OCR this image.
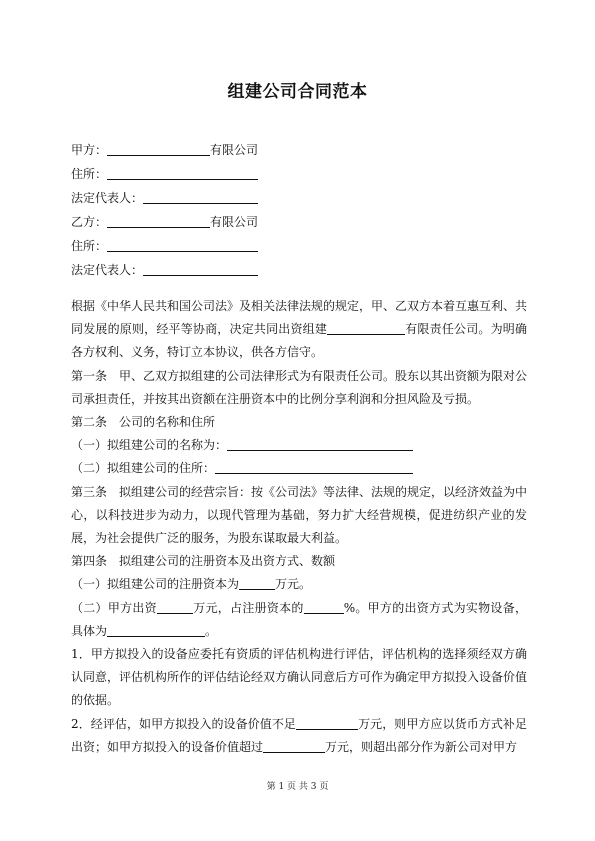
组建公司合同范本
甲方：	有限公司
住所：
法定代表人：
乙方：	有限公司
住所：
法定代表人：

根据《中华人民共和国公司法》及相关法律法规的规定，甲、乙双方本着互惠互利、共同发展的原则，经平等协商，决定共同出资组建	有限责任公司。为明确各方权利、义务，特订立本协议，供各方信守。

第一条　甲、乙双方拟组建的公司法律形式为有限责任公司。股东以其出资额为限对公司承担责任，并按其出资额在注册资本中的比例分享利润和分担风险及亏损。

第二条　公司的名称和住所

（一）拟组建公司的名称为：

（二）拟组建公司的住所：

第三条　拟组建公司的经营宗旨：按《公司法》等法律、法规的规定，以经济效益为中心，以科技进步为动力，以现代管理为基础，努力扩大经营规模，促进纺织产业的发展，为社会提供广泛的服务，为股东谋取最大利益。

第四条　拟组建公司的注册资本及出资方式、数额

（一）拟组建公司的注册资本为	万元。

（二）甲方出资	万元，占注册资本的	%。甲方的出资方式为实物设备，具体为	。

1．甲方拟投入的设备应委托有资质的评估机构进行评估，评估机构的选择须经双方确认同意，评估机构所作的评估结论经双方确认同意后方可作为确定甲方拟投入设备价值的依据。

2．经评估，如甲方拟投入的设备价值不足	万元，则甲方应以货币方式补足出资；如甲方拟投入的设备价值超过	万元，则超出部分作为新公司对甲方

第 1 页 共 3 页
